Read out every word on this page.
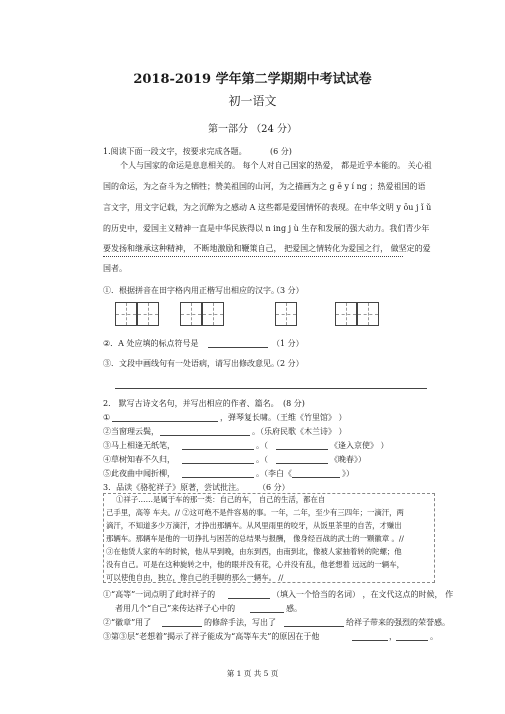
2018-2019 学年第二学期期中考试试卷
初一语文
第一部分 （24 分）
1.阅读下面一段文字，按要求完成各题。	(6 分)
个人与国家的命运是息息相关的。 每个人对自己国家的热爱， 都是近乎本能的。 关心祖
国的命运，为之奋斗为之牺牲；赞美祖国的山河，为之描画为之 g ē y í ng ；热爱祖国的语
言文字，用文字记载，为之沉醉为之感动 A 这些都是爱国情怀的表现。在中华文明 y ōu j ǐ ǔ
的历史中，爱国主义精神一直是中华民族得以 n ing j ù 生存和发展的强大动力。我们青少年
要发扬和继承这种精神， 不断地激励和鞭策自己， 把爱国之情转化为爱国之行， 做坚定的爱
国者。
①．根据拼音在田字格内用正楷写出相应的汉字。
（3 分）
②．A 处应填的标点符号是	（1 分）
③．文段中画线句有一处语病，请写出修改意见。
（2 分）
2． 默写古诗文名句，并写出相应的作者、篇名。 (8 分)
①	，弹琴复长啸。（王维《竹里馆》 ）
②当窗理云鬓，	。（乐府民歌《木兰诗》 ）
③马上相逢无纸笔，	。（	《逢入京使》 ）
④草树知春不久归，	。（	《晚春》）
⑤此夜曲中闻折柳，	。（李白《	》）
3．品读《骆驼祥子》原著，尝试批注。 （6 分）
①祥子……是属于车的那一类：自己的车， 自己的生活，都在自
己手里，高等 车夫。// ②这可绝不是件容易的事。一年，二年，至少有三四年；一滴汗，两
滴汗，不知道多少万滴汗，才挣出那辆车。从风里雨里的咬牙，从饭里茶里的自苦，才赚出
那辆车。那辆车是他的一切挣扎与困苦的总结果与报酬， 像身经百战的武士的一颗徽章 。//
③在他赁人家的车的时候，他从早到晚，由东到西，由南到北，像被人家抽着转的陀螺；他
没有自己。可是在这种旋转之中，他的眼并没有花，心并没有乱，他老想着 远远的一辆车，
可以使他自由，独立，像自己的手脚的那么一辆车。 //
①“高等”一词点明了此时祥子的	（填入一个恰当的名词） ，在文代这点的时候， 作
者用几个“自己”来传达祥子心中的	感。
②“徽章”用了	的修辞手法，写出了	给祥子带来的强烈的荣誉感。
③第③层“老想着”揭示了祥子能成为“高等车夫”的原因在于他	，	。
第 1 页 共 5 页
